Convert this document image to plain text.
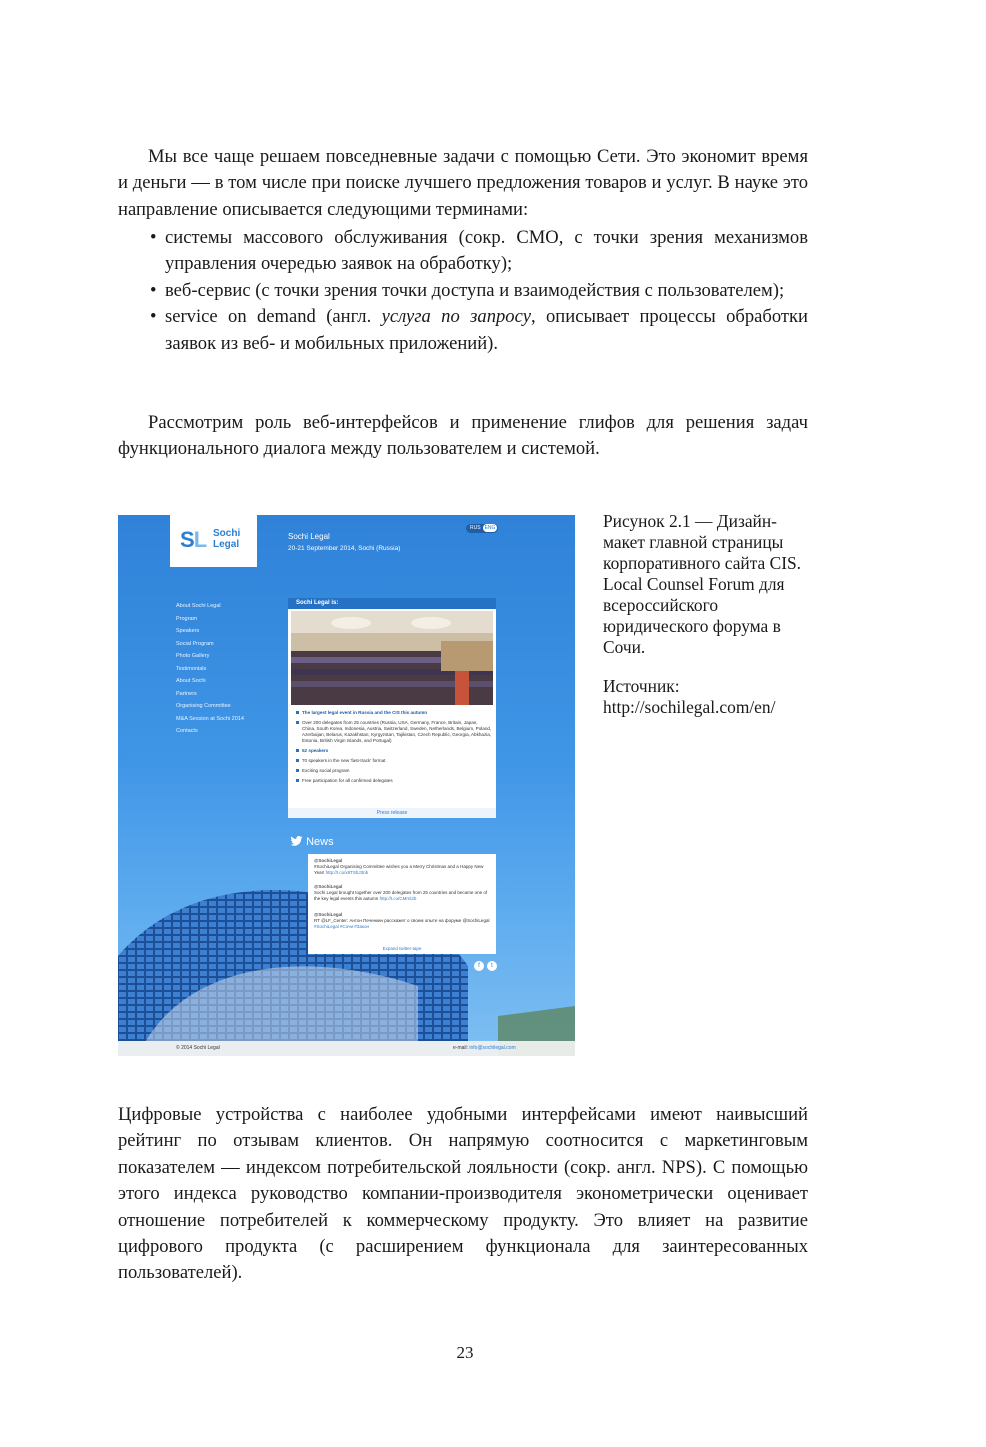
Мы все чаще решаем повседневные задачи с помощью Сети. Это экономит время и деньги — в том числе при поиске лучшего предложения товаров и услуг. В науке это направление описывается следующими терминами:

• системы массового обслуживания (сокр. СМО, с точки зрения механизмов управления очередью заявок на обработку);
• веб-сервис (с точки зрения точки доступа и взаимодействия с пользователем);
• service on demand (англ. услуга по запросу, описывает процессы обработки заявок из веб- и мобильных приложений).

Рассмотрим роль веб-интерфейсов и применение глифов для решения задач функционального диалога между пользователем и системой.

SL Sochi
Legal
Sochi Legal
20-21 September 2014, Sochi (Russia)
RUS ENG
About Sochi Legal
Program
Speakers
Social Program
Photo Gallery
Testimonials
About Sochi
Partners
Organising Committee
M&A Session at Sochi 2014
Contacts
Sochi Legal is:
The largest legal event in Russia and the CIS this autumn
Over 200 delegates from 25 countries (Russia, USA, Germany, France, Britain, Japan, China, South Korea, Indonesia, Austria, Switzerland, Sweden, Netherlands, Belgium, Poland, Azerbaijan, Belarus, Kazakhstan, Kyrgyzstan, Tajikistan, Czech Republic, Georgia, Abkhazia, Estonia, British Virgin Islands, and Portugal)
52 speakers
70 speakers in the new 'fast-track' format
Exciting social program
Free participation for all confirmed delegates
Press release
News
@SochiLegal
#SochiLegal Organising Committee wishes you a Merry Christmas and a Happy New Year! http://t.co/x9TSbJ3nb
@SochiLegal
Sochi Legal brought together over 200 delegates from 25 countries and became one of the key legal events this autumn http://t.co/CMrnl2b
@SochiLegal
RT @LF_Center: Антон Печенкин расскажет о своем опыте на форуме @SochiLegal #SochiLegal #Сочи #Закон
Expand twitter-tape
f	t
© 2014 Sochi Legal	e-mail: info@sochilegal.com

Рисунок 2.1 — Дизайн-макет главной страницы корпоративного сайта CIS. Local Counsel Forum для всероссийского юридического форума в Сочи.

Источник:
http://sochilegal.com/en/

Цифровые устройства с наиболее удобными интерфейсами имеют наивысший рейтинг по отзывам клиентов. Он напрямую соотносится с маркетинговым показателем — индексом потребительской лояльности (сокр. англ. NPS). С помощью этого индекса руководство компании-производителя эконометрически оценивает отношение потребителей к коммерческому продукту. Это влияет на развитие цифрового продукта (с расширением функционала для заинтересованных пользователей).

23
